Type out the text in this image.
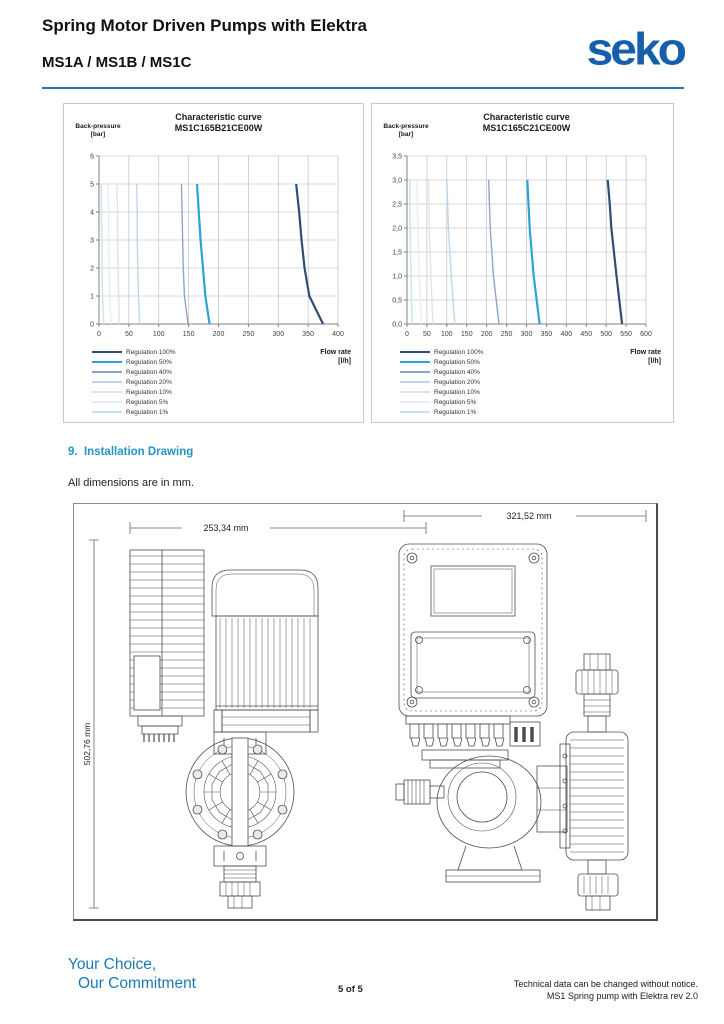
Spring Motor Driven Pumps with Elektra
MS1A / MS1B / MS1C	seko
Characteristic curve
MS1C165B21CE00W
Back-pressure
[bar]
0
1
2
3
4
5
6
0	50	100	150	200	250	300	350	400
Flow rate
[l/h]
Regulation 100%
Regulation 50%
Regulation 40%
Regulation 20%
Regulation 10%
Regulation 5%
Regulation 1%
Characteristic curve
MS1C165C21CE00W
Back-pressure
[bar]
0,0
0,5
1,0
1,5
2,0
2,5
3,0
3,5
0 50 100 150 200 250 300 350 400 450 500 550 600
Flow rate
[l/h]
Regulation 100%
Regulation 50%
Regulation 40%
Regulation 20%
Regulation 10%
Regulation 5%
Regulation 1%
9. Installation Drawing
All dimensions are in mm.
502,76 mm
253,34 mm
321,52 mm
Your Choice,
Our Commitment	5 of 5	Technical data can be changed without notice.
MS1 Spring pump with Elektra rev 2.0
